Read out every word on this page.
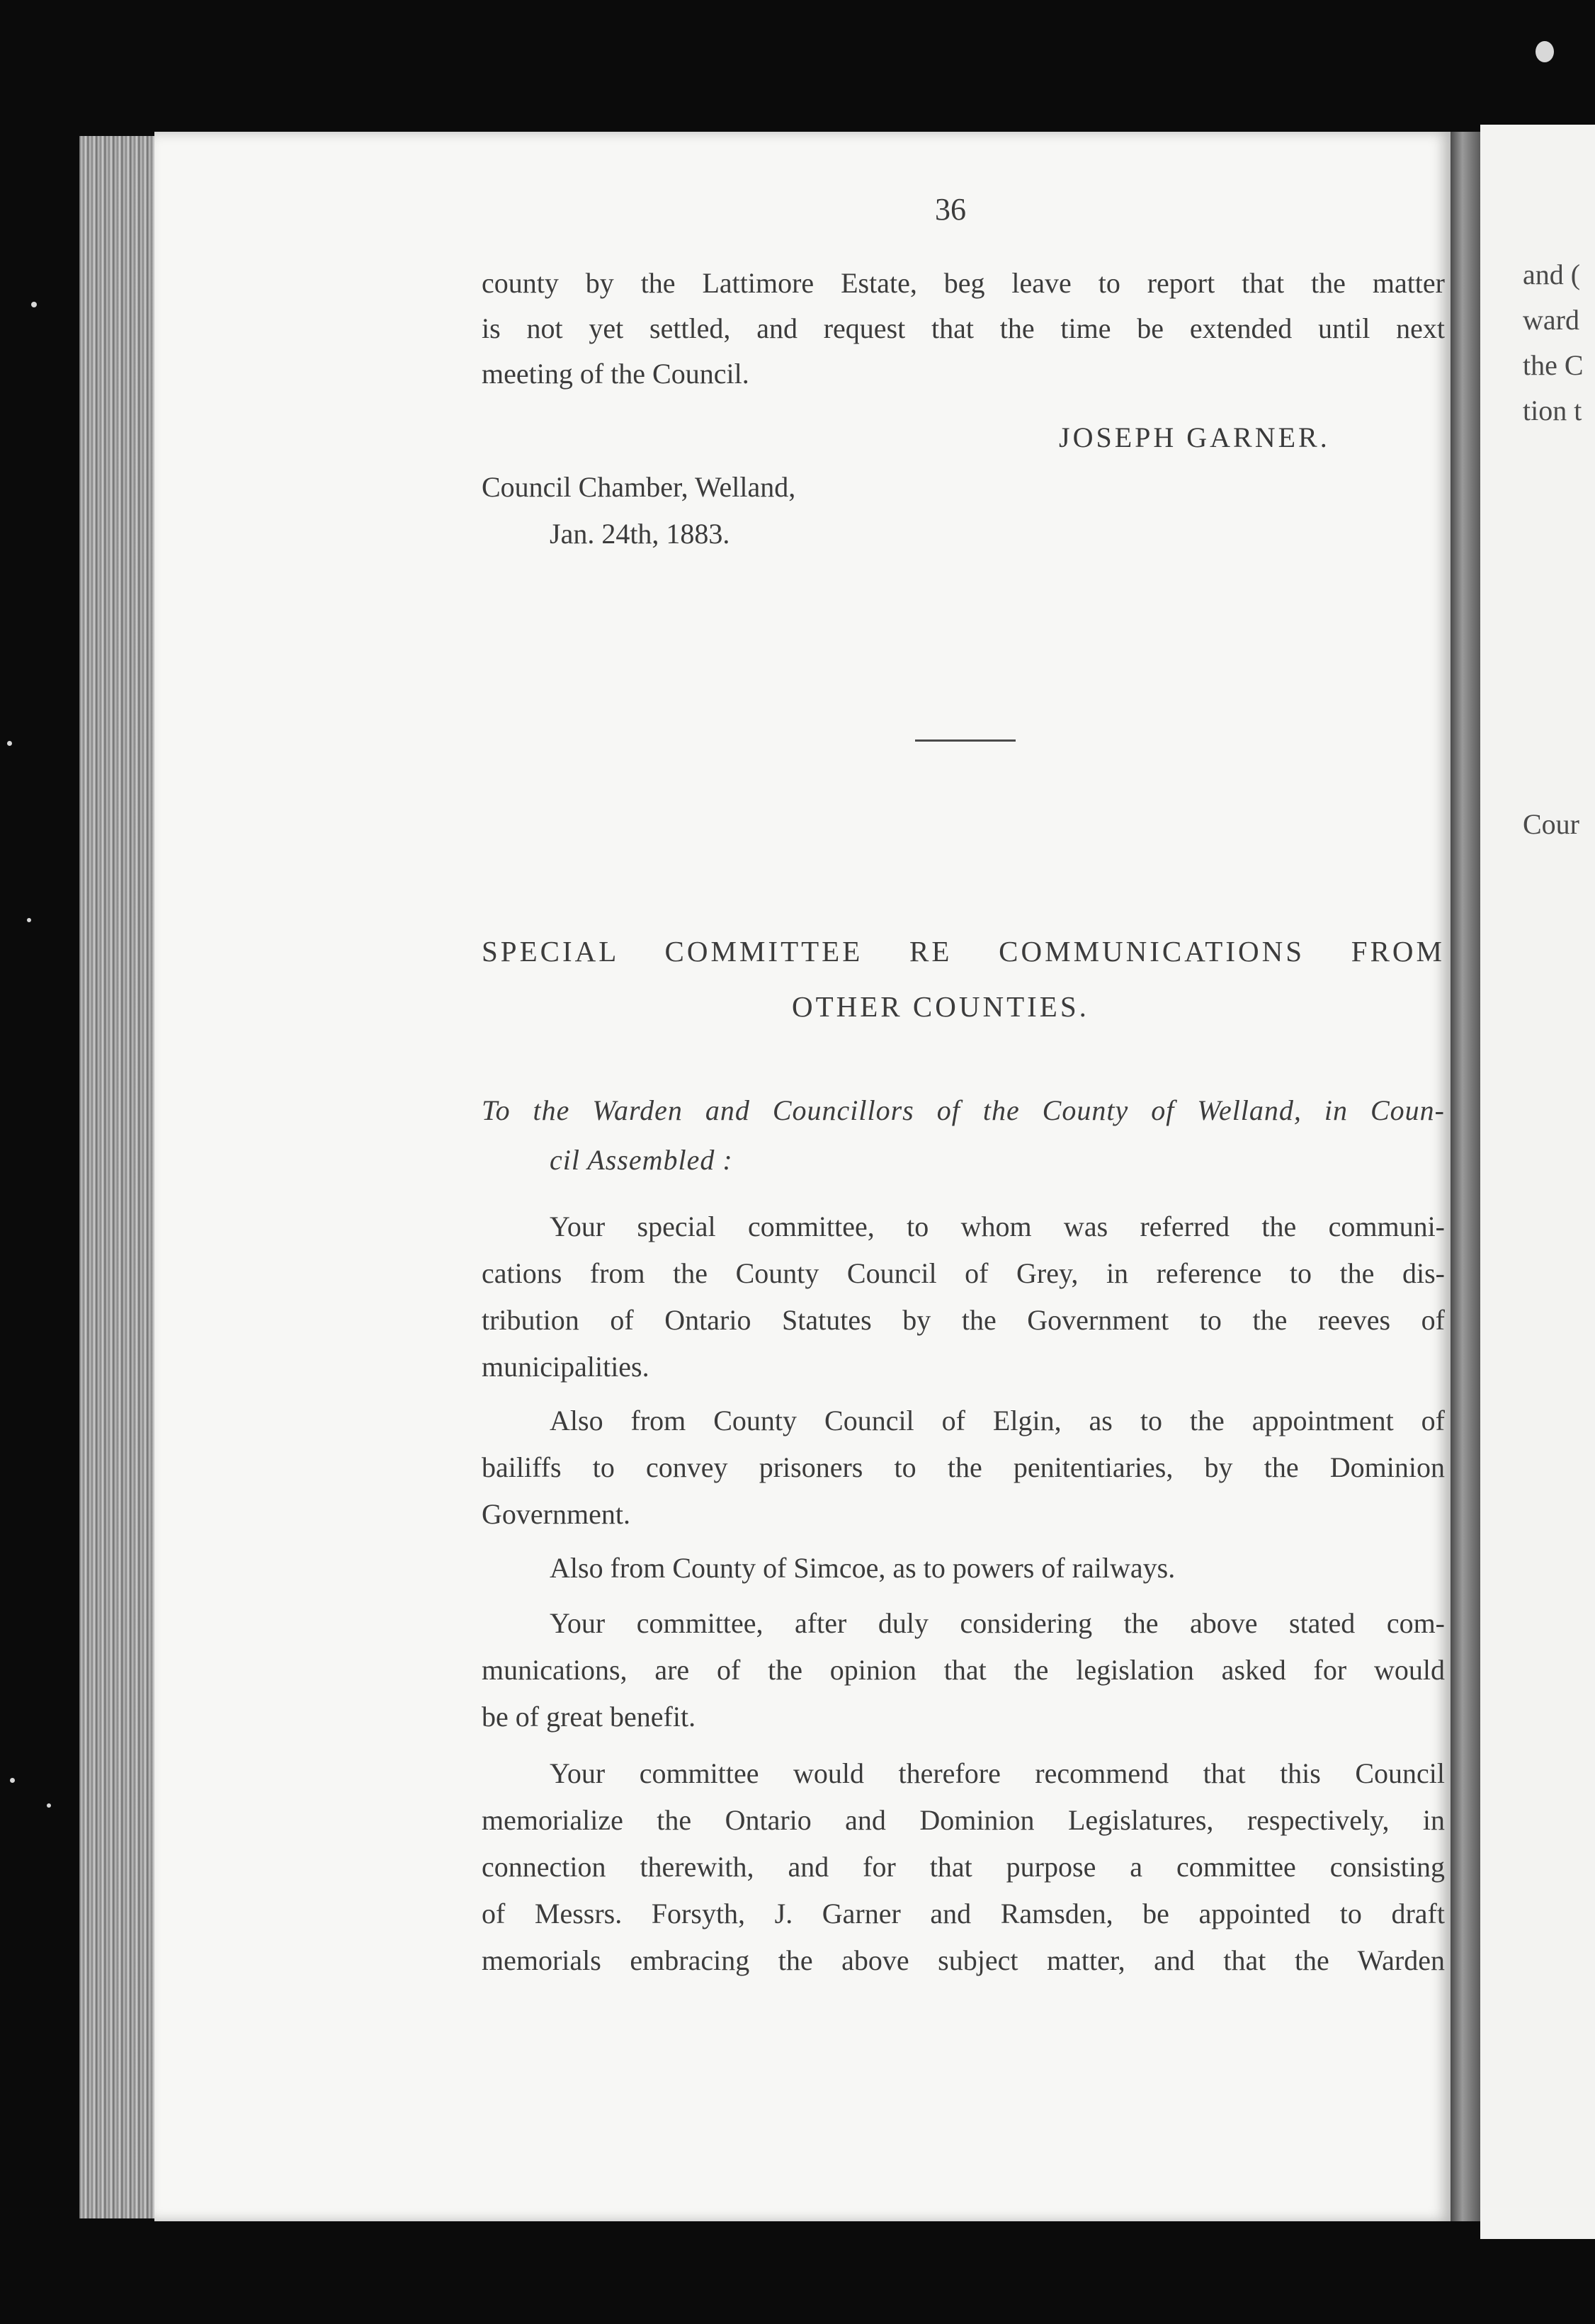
and (
ward
the C
tion t
Cour
36
county by the Lattimore Estate, beg leave to report that the matter
is not yet settled, and request that the time be extended until next
meeting of the Council.
JOSEPH GARNER.
Council Chamber, Welland,
Jan. 24th, 1883.
SPECIAL COMMITTEE RE COMMUNICATIONS FROM
OTHER COUNTIES.
To the Warden and Councillors of the County of Welland, in Coun-
cil Assembled :
Your special committee, to whom was referred the communi-
cations from the County Council of Grey, in reference to the dis-
tribution of Ontario Statutes by the Government to the reeves of
municipalities.
Also from County Council of Elgin, as to the appointment of
bailiffs to convey prisoners to the penitentiaries, by the Dominion
Government.
Also from County of Simcoe, as to powers of railways.
Your committee, after duly considering the above stated com-
munications, are of the opinion that the legislation asked for would
be of great benefit.
Your committee would therefore recommend that this Council
memorialize the Ontario and Dominion Legislatures, respectively, in
connection therewith, and for that purpose a committee consisting
of Messrs. Forsyth, J. Garner and Ramsden, be appointed to draft
memorials embracing the above subject matter, and that the Warden
